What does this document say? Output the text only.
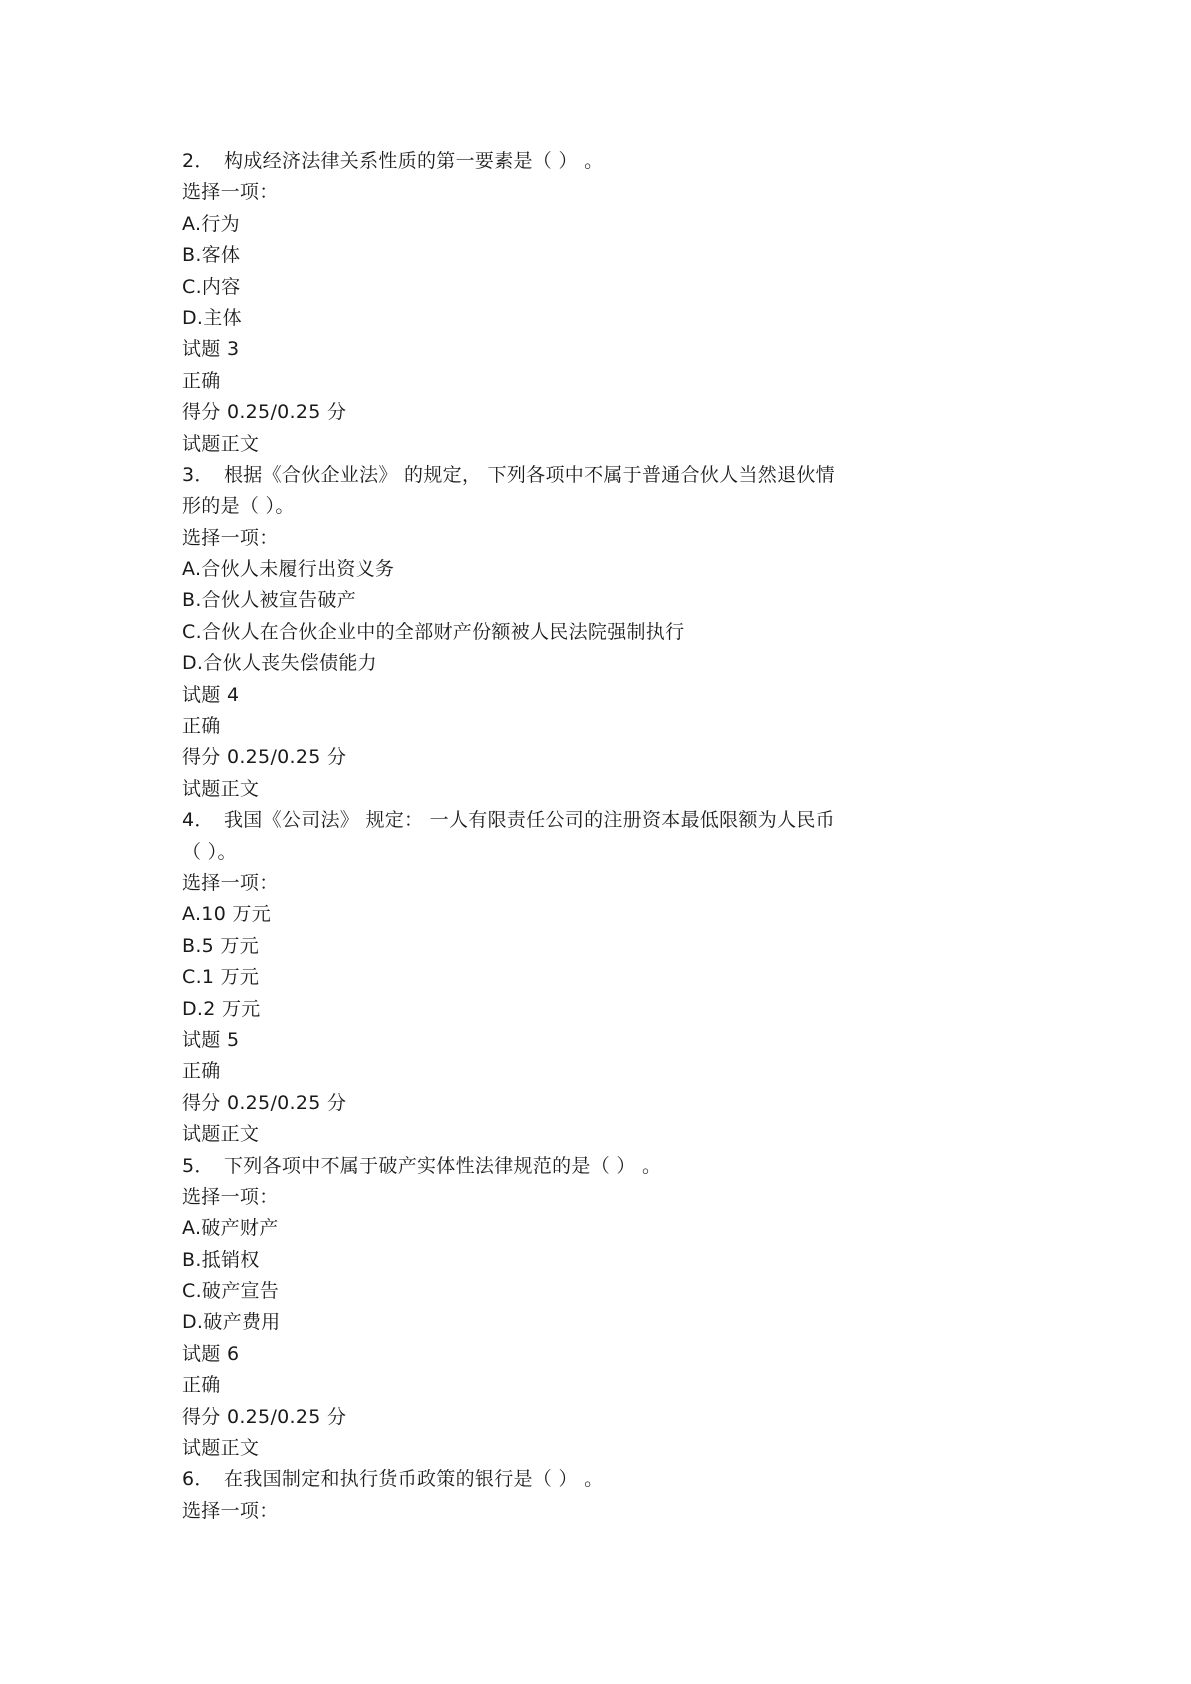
2． 构成经济法律关系性质的第一要素是（ ） 。
选择一项：
A.行为
B.客体
C.内容
D.主体
试题 3
正确
得分 0.25/0.25 分
试题正文
3． 根据《合伙企业法》 的规定， 下列各项中不属于普通合伙人当然退伙情
形的是（ ）。
选择一项：
A.合伙人未履行出资义务
B.合伙人被宣告破产
C.合伙人在合伙企业中的全部财产份额被人民法院强制执行
D.合伙人丧失偿债能力
试题 4
正确
得分 0.25/0.25 分
试题正文
4． 我国《公司法》 规定： 一人有限责任公司的注册资本最低限额为人民币
（ ）。
选择一项：
A.10 万元
B.5 万元
C.1 万元
D.2 万元
试题 5
正确
得分 0.25/0.25 分
试题正文
5． 下列各项中不属于破产实体性法律规范的是（ ） 。
选择一项：
A.破产财产
B.抵销权
C.破产宣告
D.破产费用
试题 6
正确
得分 0.25/0.25 分
试题正文
6． 在我国制定和执行货币政策的银行是（ ） 。
选择一项：
